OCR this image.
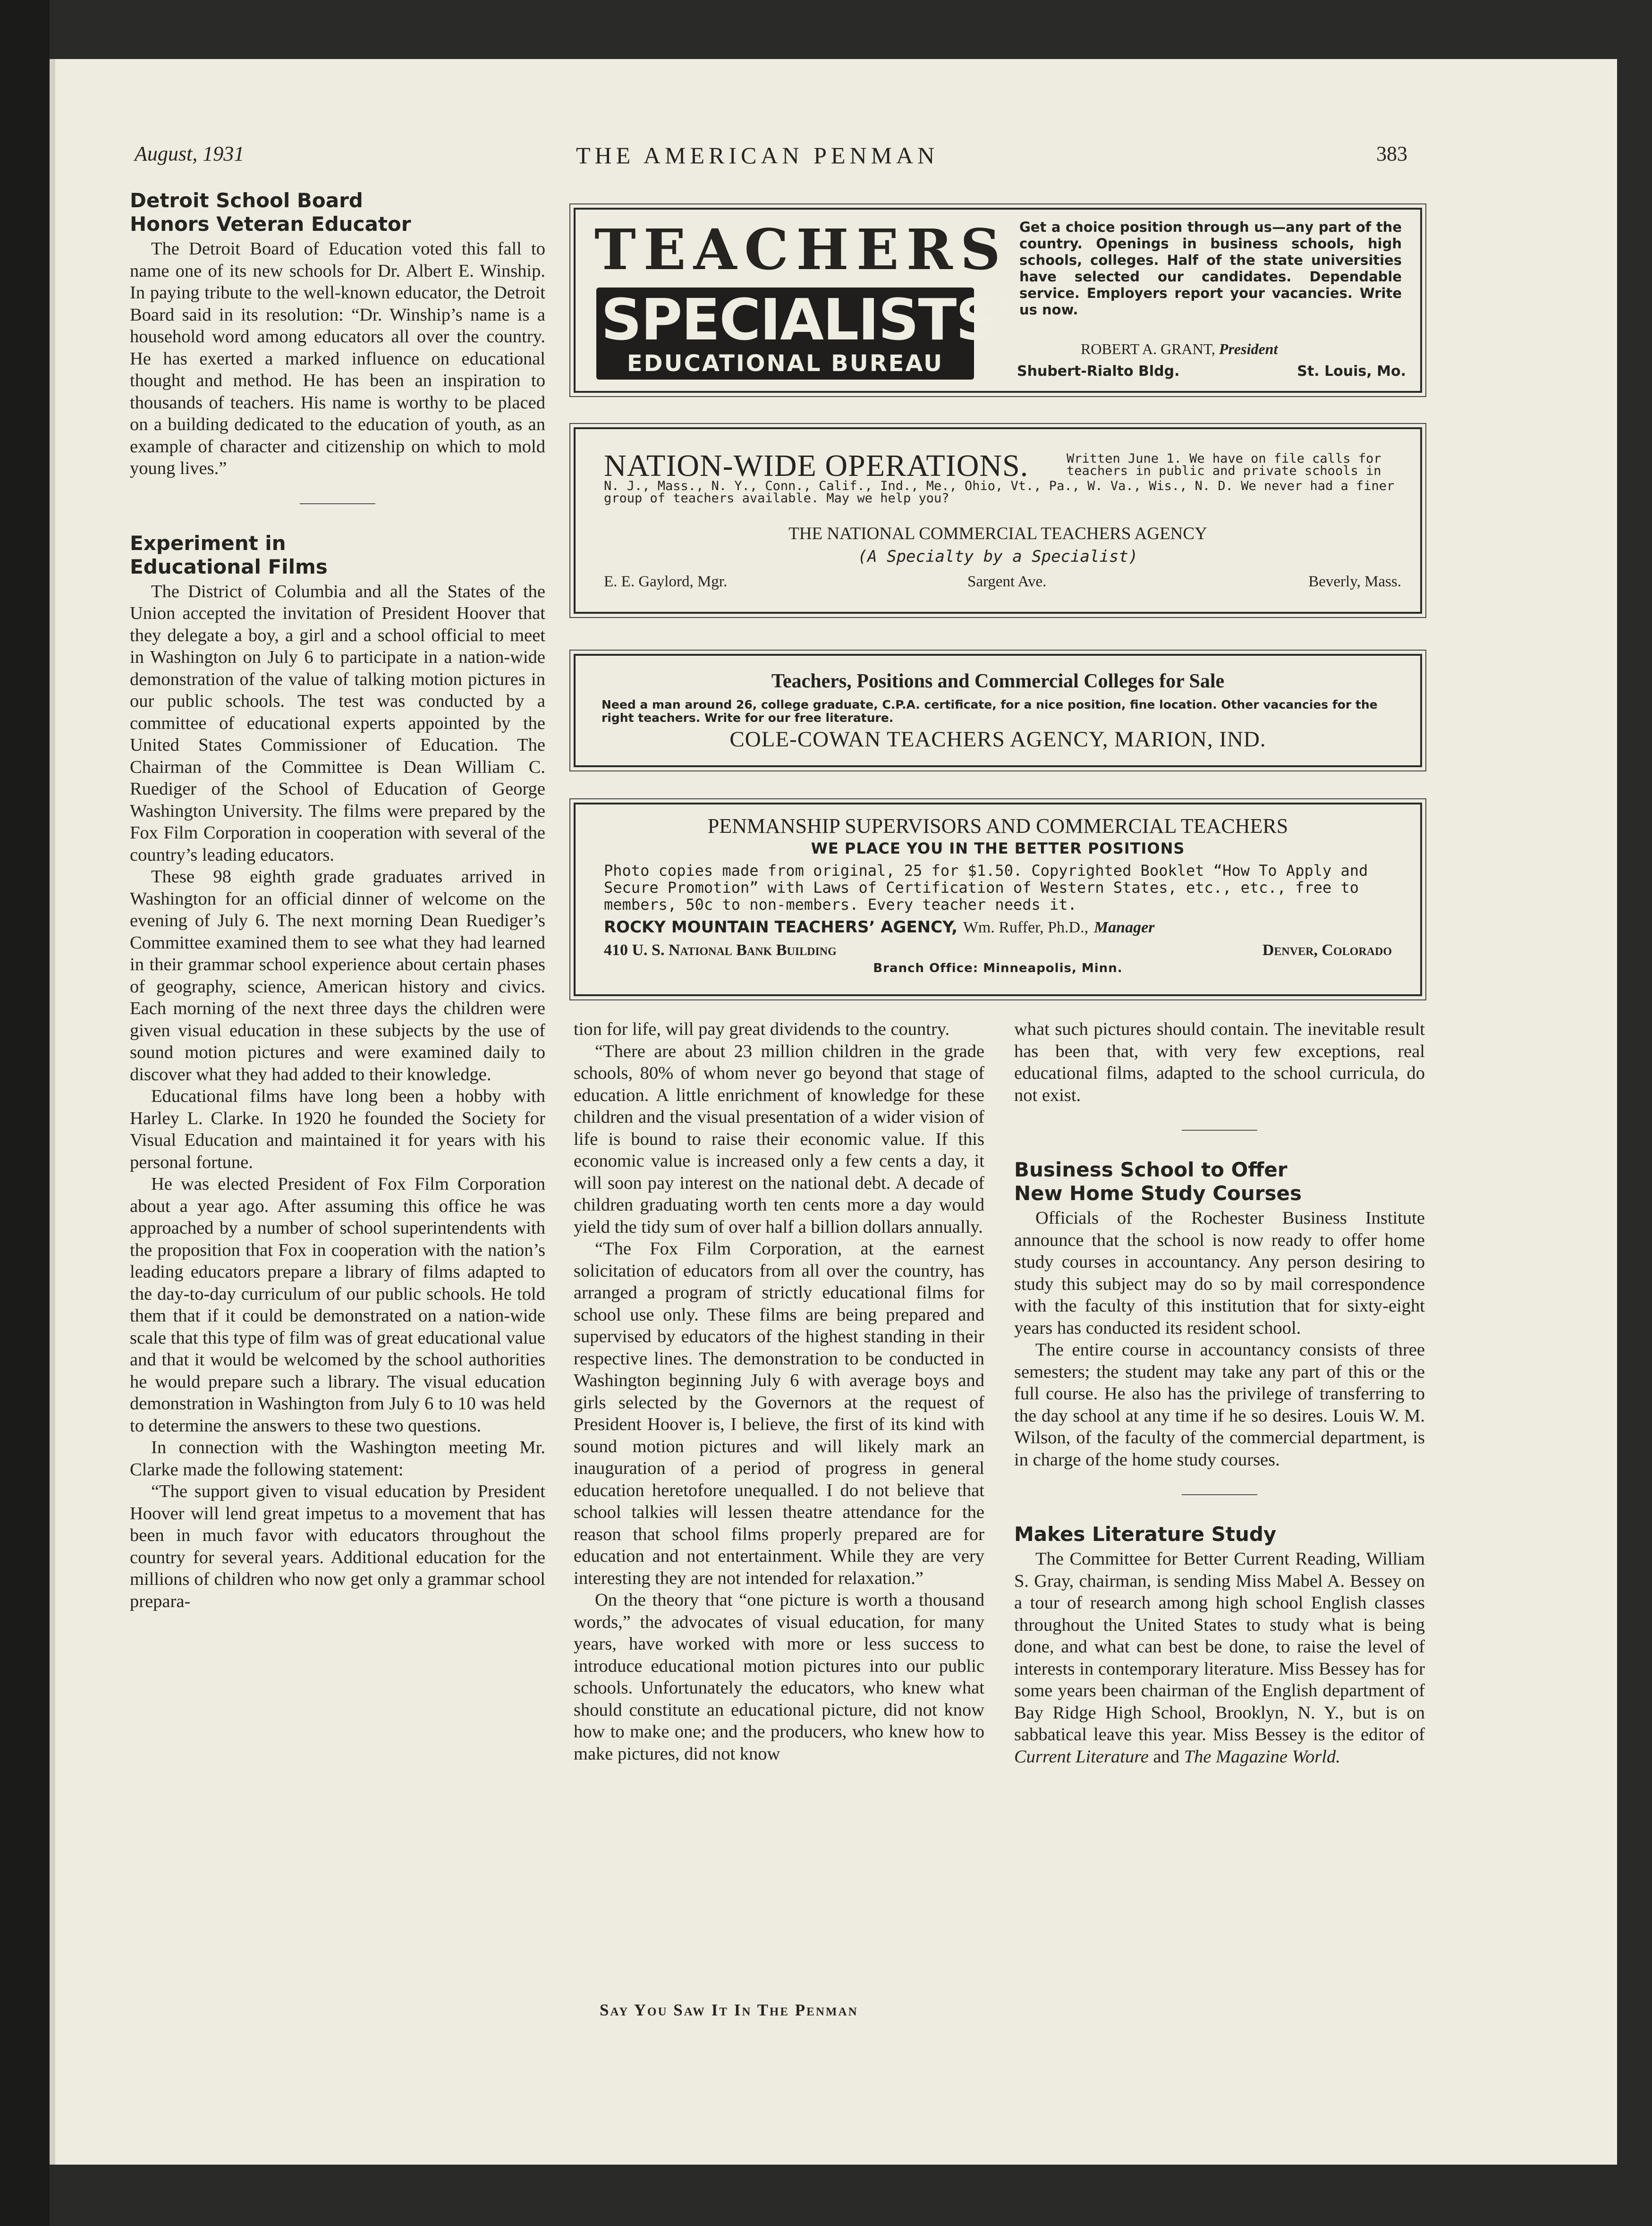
August, 1931	THE AMERICAN PENMAN	383
TEACHERS
SPECIALISTS'
EDUCATIONAL BUREAU
Get a choice position through us—any part of the country. Openings in business schools, high schools, colleges. Half of the state universities have selected our candidates. Dependable service. Employers report your vacancies. Write us now.
ROBERT A. GRANT, President
Shubert-Rialto Bldg.	St. Louis, Mo.
NATION-WIDE OPERATIONS.	Written June 1. We have on file calls for teachers in public and private schools in
N. J., Mass., N. Y., Conn., Calif., Ind., Me., Ohio, Vt., Pa., W. Va., Wis., N. D. We never had a finer group of teachers available. May we help you?
THE NATIONAL COMMERCIAL TEACHERS AGENCY
(A Specialty by a Specialist)
E. E. Gaylord, Mgr.	Sargent Ave.	Beverly, Mass.
Teachers, Positions and Commercial Colleges for Sale
Need a man around 26, college graduate, C.P.A. certificate, for a nice position, fine location. Other vacancies for the right teachers. Write for our free literature.
COLE-COWAN TEACHERS AGENCY, MARION, IND.
PENMANSHIP SUPERVISORS AND COMMERCIAL TEACHERS
WE PLACE YOU IN THE BETTER POSITIONS
Photo copies made from original, 25 for $1.50. Copyrighted Booklet “How To Apply and Secure Promotion” with Laws of Certification of Western States, etc., etc., free to members, 50c to non-members. Every teacher needs it.
ROCKY MOUNTAIN TEACHERS’ AGENCY, Wm. Ruffer, Ph.D., Manager
410 U. S. National Bank Building	Denver, Colorado
Branch Office: Minneapolis, Minn.
Detroit School Board
Honors Veteran Educator

The Detroit Board of Education voted this fall to name one of its new schools for Dr. Albert E. Winship. In paying tribute to the well-known educator, the Detroit Board said in its resolution: “Dr. Winship’s name is a household word among educators all over the country. He has exerted a marked influence on educational thought and method. He has been an inspiration to thousands of teachers. His name is worthy to be placed on a building dedicated to the education of youth, as an example of character and citizenship on which to mold young lives.”

Experiment in
Educational Films

The District of Columbia and all the States of the Union accepted the invitation of President Hoover that they delegate a boy, a girl and a school official to meet in Washington on July 6 to participate in a nation-wide demonstration of the value of talking motion pictures in our public schools. The test was conducted by a committee of educational experts appointed by the United States Commissioner of Education. The Chairman of the Committee is Dean William C. Ruediger of the School of Education of George Washington University. The films were prepared by the Fox Film Corporation in cooperation with several of the country’s leading educators.

These 98 eighth grade graduates arrived in Washington for an official dinner of welcome on the evening of July 6. The next morning Dean Ruediger’s Committee examined them to see what they had learned in their grammar school experience about certain phases of geography, science, American history and civics. Each morning of the next three days the children were given visual education in these subjects by the use of sound motion pictures and were examined daily to discover what they had added to their knowledge.

Educational films have long been a hobby with Harley L. Clarke. In 1920 he founded the Society for Visual Education and maintained it for years with his personal fortune.

He was elected President of Fox Film Corporation about a year ago. After assuming this office he was approached by a number of school superintendents with the proposition that Fox in cooperation with the nation’s leading educators prepare a library of films adapted to the day-to-day curriculum of our public schools. He told them that if it could be demonstrated on a nation-wide scale that this type of film was of great educational value and that it would be welcomed by the school authorities he would prepare such a library. The visual education demonstration in Washington from July 6 to 10 was held to determine the answers to these two questions.

In connection with the Washington meeting Mr. Clarke made the following statement:

“The support given to visual education by President Hoover will lend great impetus to a movement that has been in much favor with educators throughout the country for several years. Additional education for the millions of children who now get only a grammar school prepara-

tion for life, will pay great dividends to the country.

“There are about 23 million children in the grade schools, 80% of whom never go beyond that stage of education. A little enrichment of knowledge for these children and the visual presentation of a wider vision of life is bound to raise their economic value. If this economic value is increased only a few cents a day, it will soon pay interest on the national debt. A decade of children graduating worth ten cents more a day would yield the tidy sum of over half a billion dollars annually.

“The Fox Film Corporation, at the earnest solicitation of educators from all over the country, has arranged a program of strictly educational films for school use only. These films are being prepared and supervised by educators of the highest standing in their respective lines. The demonstration to be conducted in Washington beginning July 6 with average boys and girls selected by the Governors at the request of President Hoover is, I believe, the first of its kind with sound motion pictures and will likely mark an inauguration of a period of progress in general education heretofore unequalled. I do not believe that school talkies will lessen theatre attendance for the reason that school films properly prepared are for education and not entertainment. While they are very interesting they are not intended for relaxation.”

On the theory that “one picture is worth a thousand words,” the advocates of visual education, for many years, have worked with more or less success to introduce educational motion pictures into our public schools. Unfortunately the educators, who knew what should constitute an educational picture, did not know how to make one; and the producers, who knew how to make pictures, did not know

what such pictures should contain. The inevitable result has been that, with very few exceptions, real educational films, adapted to the school curricula, do not exist.

Business School to Offer
New Home Study Courses

Officials of the Rochester Business Institute announce that the school is now ready to offer home study courses in accountancy. Any person desiring to study this subject may do so by mail correspondence with the faculty of this institution that for sixty-eight years has conducted its resident school.

The entire course in accountancy consists of three semesters; the student may take any part of this or the full course. He also has the privilege of transferring to the day school at any time if he so desires. Louis W. M. Wilson, of the faculty of the commercial department, is in charge of the home study courses.

Makes Literature Study

The Committee for Better Current Reading, William S. Gray, chairman, is sending Miss Mabel A. Bessey on a tour of research among high school English classes throughout the United States to study what is being done, and what can best be done, to raise the level of interests in contemporary literature. Miss Bessey has for some years been chairman of the English department of Bay Ridge High School, Brooklyn, N. Y., but is on sabbatical leave this year. Miss Bessey is the editor of Current Literature and The Magazine World.

Say You Saw It In The Penman
